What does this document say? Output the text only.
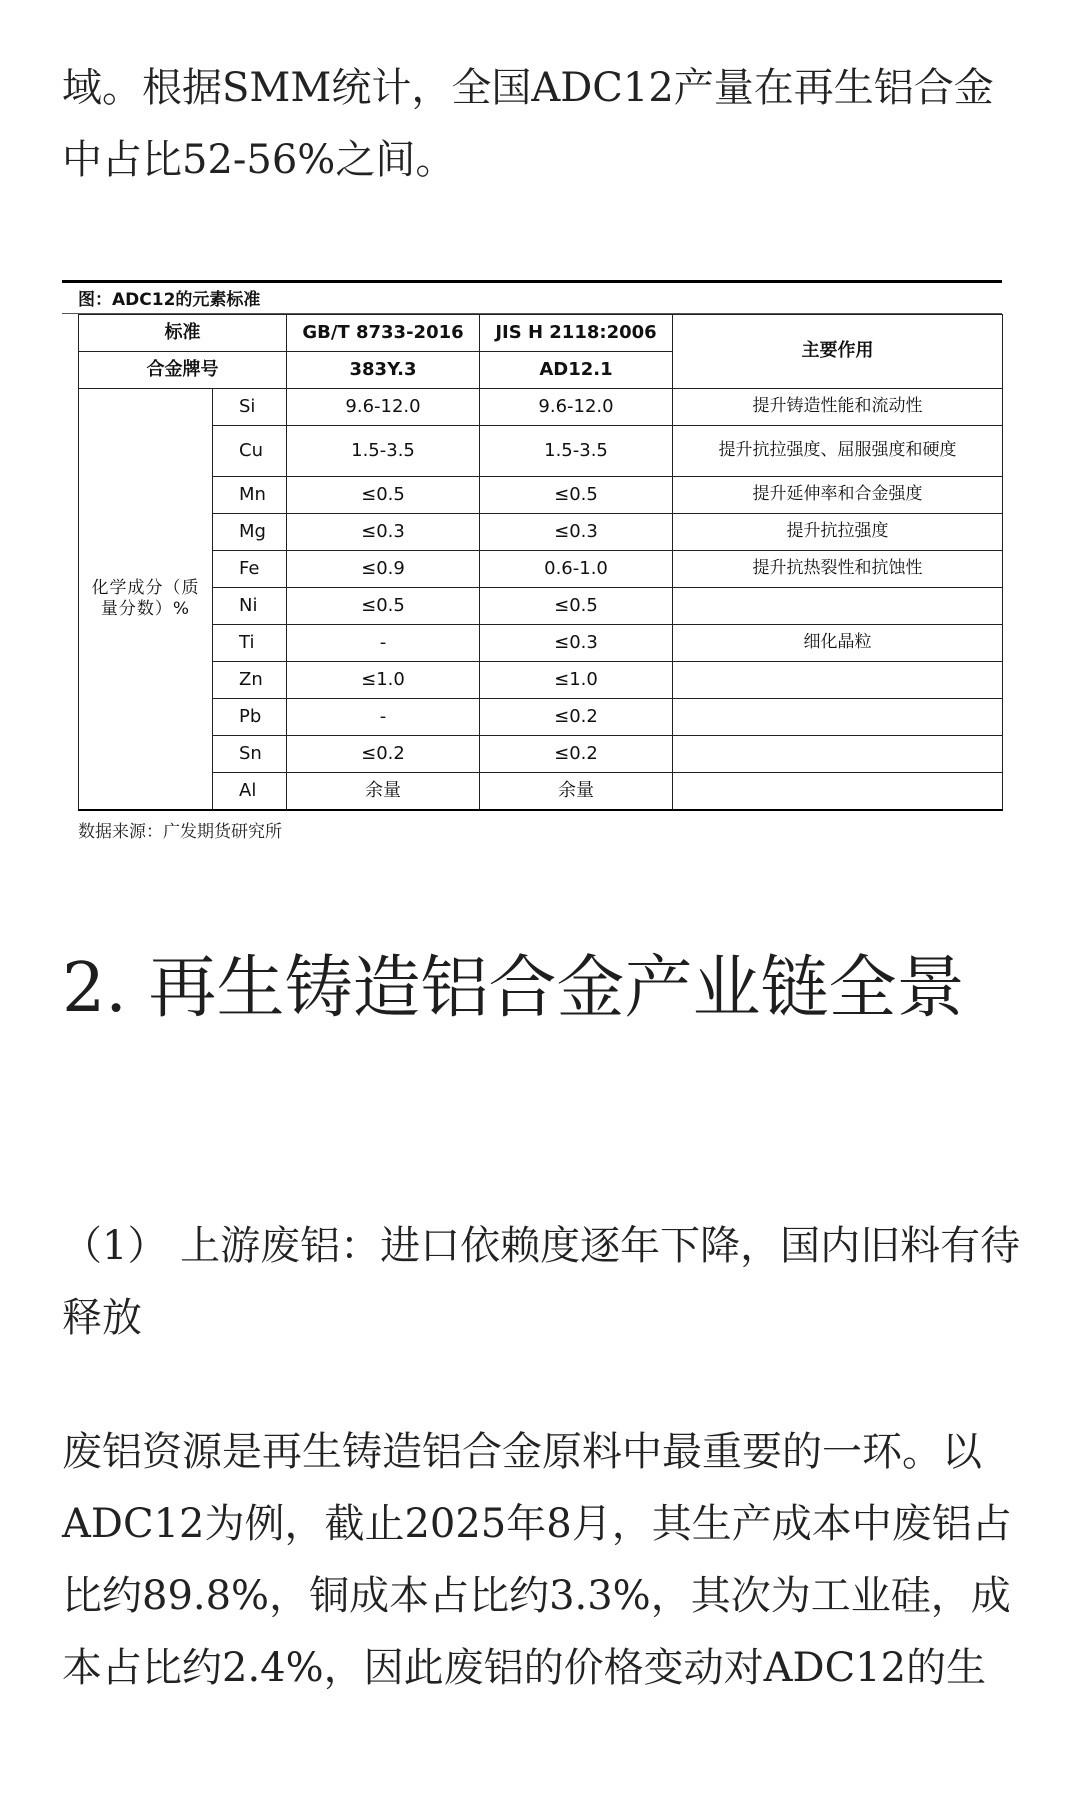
域。根据SMM统计，全国ADC12产量在再生铝合金中占比52-56%之间。

图：ADC12的元素标准
标准		GB/T 8733-2016	JIS H 2118:2006	主要作用
合金牌号		383Y.3	AD12.1	
化学成分（质量分数）%	Si	9.6-12.0	9.6-12.0	提升铸造性能和流动性
	Cu	1.5-3.5	1.5-3.5	提升抗拉强度、屈服强度和硬度
	Mn	≤0.5	≤0.5	提升延伸率和合金强度
	Mg	≤0.3	≤0.3	提升抗拉强度
	Fe	≤0.9	0.6-1.0	提升抗热裂性和抗蚀性
	Ni	≤0.5	≤0.5	
	Ti	-	≤0.3	细化晶粒
	Zn	≤1.0	≤1.0	
	Pb	-	≤0.2	
	Sn	≤0.2	≤0.2	
	Al	余量	余量	
数据来源：广发期货研究所
2. 再生铸造铝合金产业链全景

（1） 上游废铝：进口依赖度逐年下降，国内旧料有待释放

废铝资源是再生铸造铝合金原料中最重要的一环。以ADC12为例，截止2025年8月，其生产成本中废铝占比约89.8%，铜成本占比约3.3%，其次为工业硅，成本占比约2.4%，因此废铝的价格变动对ADC12的生
